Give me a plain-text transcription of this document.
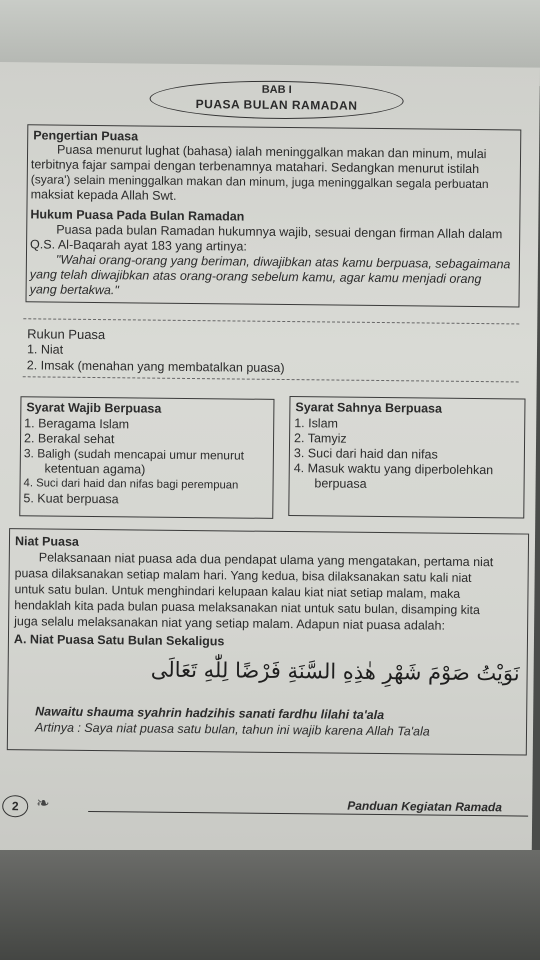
BAB I
PUASA BULAN RAMADAN
Pengertian Puasa
Puasa menurut lughat (bahasa) ialah meninggalkan makan dan minum, mulai
terbitnya fajar sampai dengan terbenamnya matahari. Sedangkan menurut istilah
(syara') selain meninggalkan makan dan minum, juga meninggalkan segala perbuatan
maksiat kepada Allah Swt.
Hukum Puasa Pada Bulan Ramadan
Puasa pada bulan Ramadan hukumnya wajib, sesuai dengan firman Allah dalam
Q.S. Al-Baqarah ayat 183 yang artinya:
"Wahai orang-orang yang beriman, diwajibkan atas kamu berpuasa, sebagaimana
yang telah diwajibkan atas orang-orang sebelum kamu, agar kamu menjadi orang
yang bertakwa."
Rukun Puasa
1. Niat
2. Imsak (menahan yang membatalkan puasa)
Syarat Wajib Berpuasa
1. Beragama Islam
2. Berakal sehat
3. Baligh (sudah mencapai umur menurut
ketentuan agama)
4. Suci dari haid dan nifas bagi perempuan
5. Kuat berpuasa
Syarat Sahnya Berpuasa
1. Islam
2. Tamyiz
3. Suci dari haid dan nifas
4. Masuk waktu yang diperbolehkan
berpuasa
Niat Puasa
Pelaksanaan niat puasa ada dua pendapat ulama yang mengatakan, pertama niat
puasa dilaksanakan setiap malam hari. Yang kedua, bisa dilaksanakan satu kali niat
untuk satu bulan. Untuk menghindari kelupaan kalau kiat niat setiap malam, maka
hendaklah kita pada bulan puasa melaksanakan niat untuk satu bulan, disamping kita
juga selalu melaksanakan niat yang setiap malam. Adapun niat puasa adalah:
A. Niat Puasa Satu Bulan Sekaligus
نَوَيْتُ صَوْمَ شَهْرِ هٰذِهِ السَّنَةِ فَرْضًا لِلّٰهِ تَعَالَى
Nawaitu shauma syahrin hadzihis sanati fardhu lilahi ta'ala
Artinya : Saya niat puasa satu bulan, tahun ini wajib karena Allah Ta'ala
2	❧	Panduan Kegiatan Ramada
